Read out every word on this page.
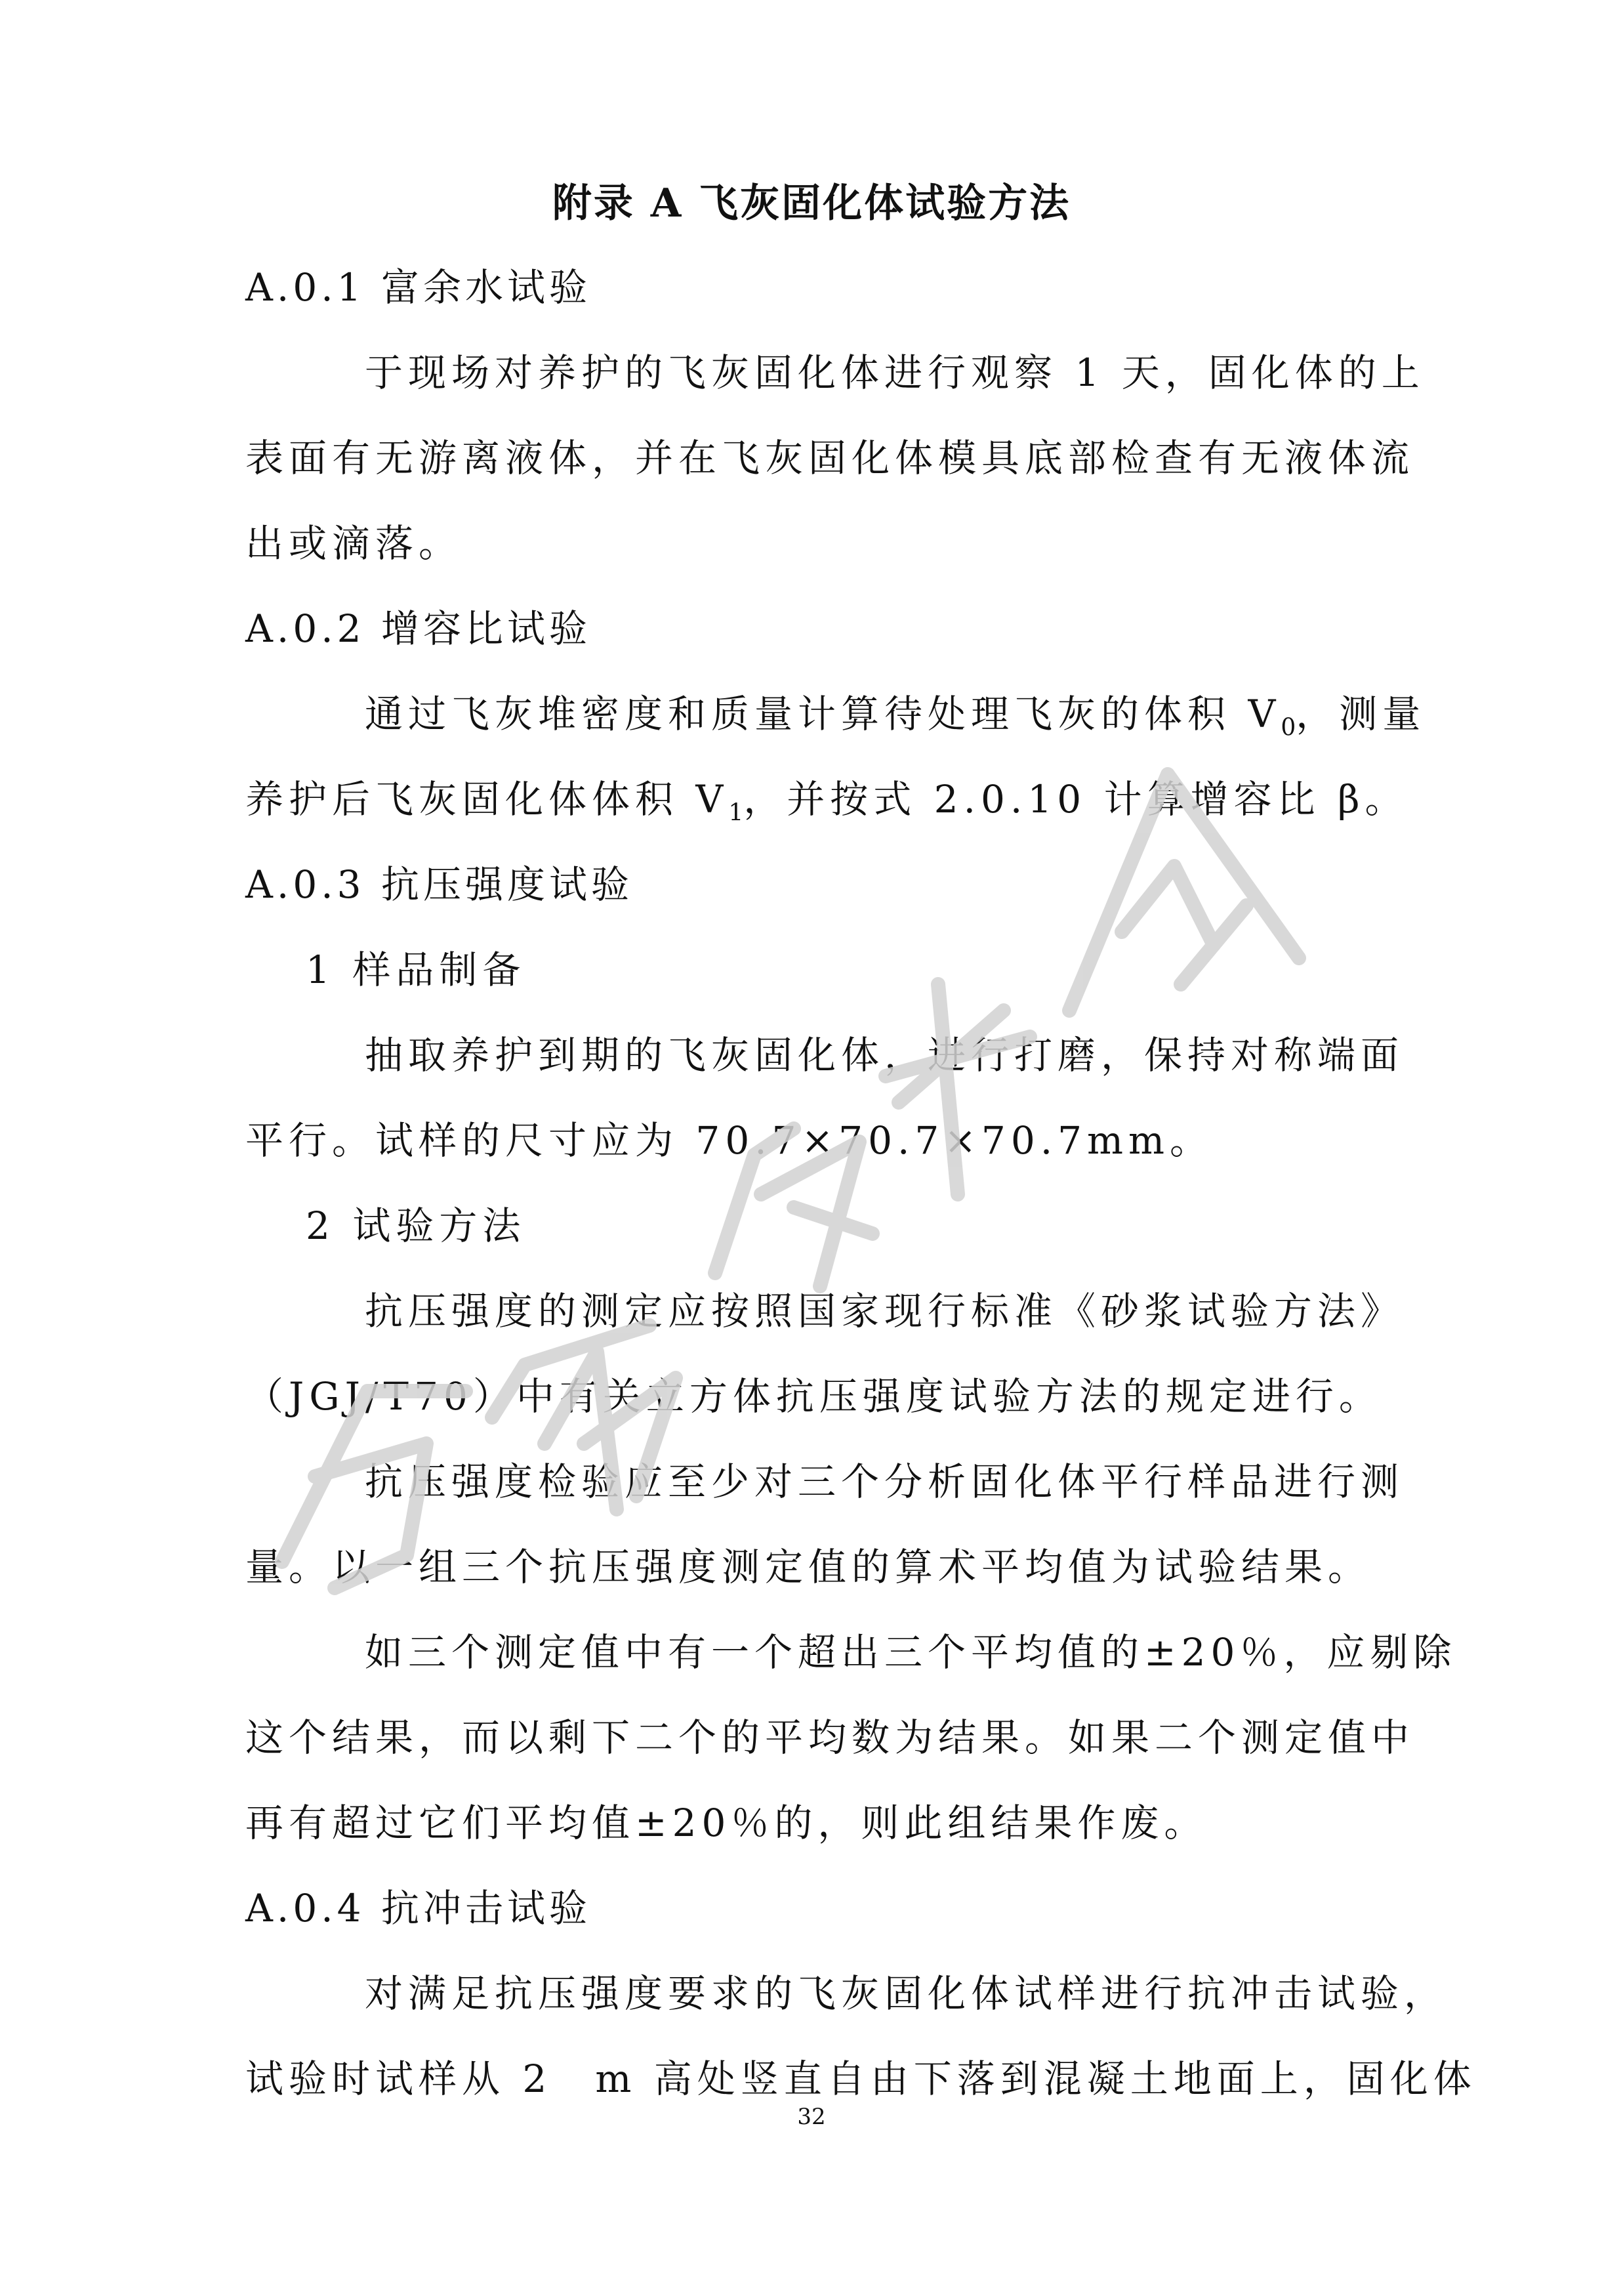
附录 A 飞灰固化体试验方法
A.0.1 富余水试验
于现场对养护的飞灰固化体进行观察 1 天，固化体的上
表面有无游离液体，并在飞灰固化体模具底部检查有无液体流
出或滴落。
A.0.2 增容比试验
通过飞灰堆密度和质量计算待处理飞灰的体积 $V_0$，测量
养护后飞灰固化体体积 $V_1$，并按式 2.0.10 计算增容比 β。
A.0.3 抗压强度试验
1 样品制备
抽取养护到期的飞灰固化体，进行打磨，保持对称端面
平行。试样的尺寸应为 70.7×70.7×70.7mm。
2 试验方法
抗压强度的测定应按照国家现行标准《砂浆试验方法》
（JGJ/T70）中有关立方体抗压强度试验方法的规定进行。
抗压强度检验应至少对三个分析固化体平行样品进行测
量。以一组三个抗压强度测定值的算术平均值为试验结果。
如三个测定值中有一个超出三个平均值的±20％，应剔除
这个结果，而以剩下二个的平均数为结果。如果二个测定值中
再有超过它们平均值±20％的，则此组结果作废。
A.0.4 抗冲击试验
对满足抗压强度要求的飞灰固化体试样进行抗冲击试验，
试验时试样从 2　m 高处竖直自由下落到混凝土地面上，固化体
32
